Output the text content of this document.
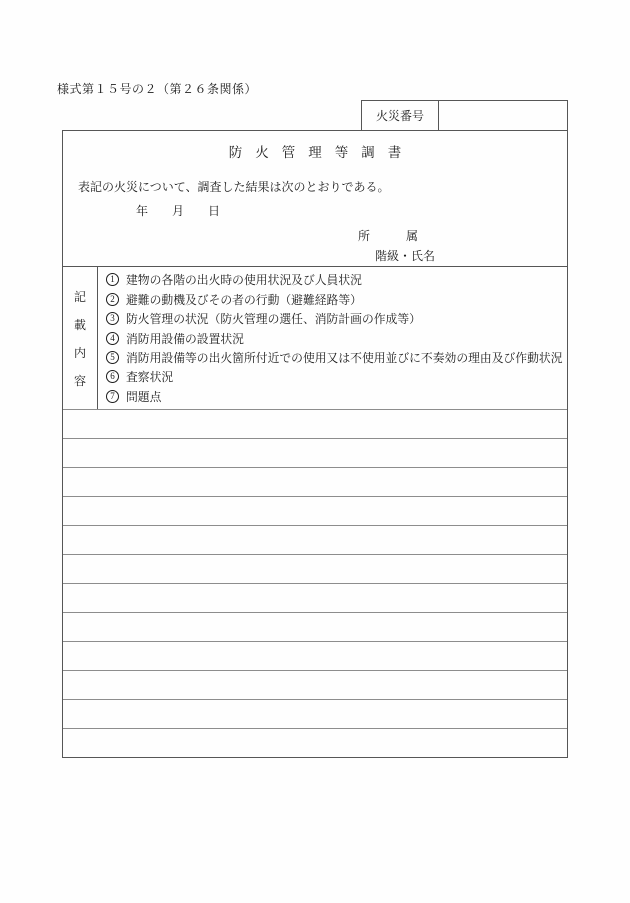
様式第１５号の２（第２６条関係）
火災番号
防火管理等調書
表記の火災について、調査した結果は次のとおりである。
年　　月　　日
所　　　属
階級・氏名
記
載
内
容
1 建物の各階の出火時の使用状況及び人員状況
2 避難の動機及びその者の行動（避難経路等）
3 防火管理の状況（防火管理の選任、消防計画の作成等）
4 消防用設備の設置状況
5 消防用設備等の出火箇所付近での使用又は不使用並びに不奏効の理由及び作動状況
6 査察状況
7 問題点
